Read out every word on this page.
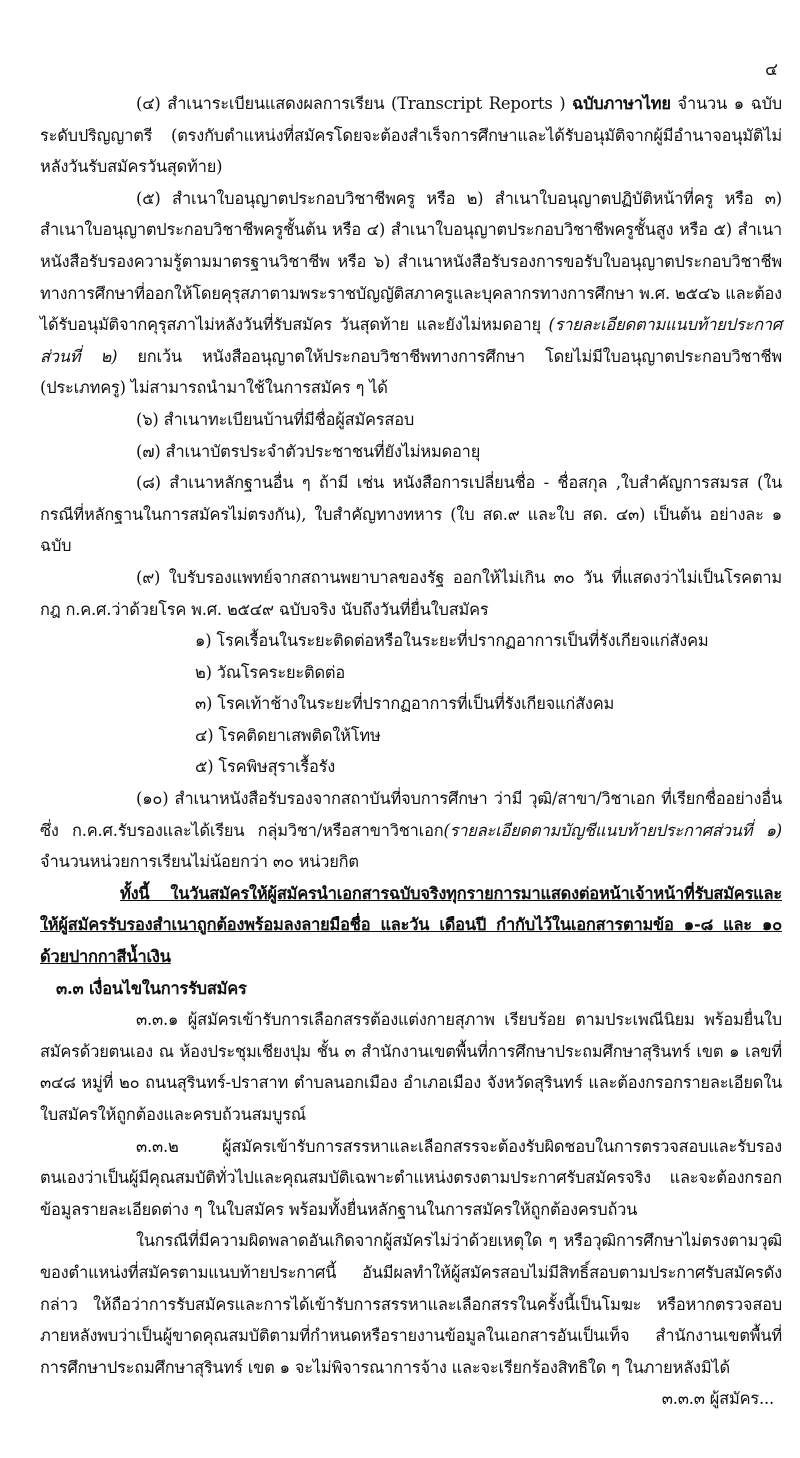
๔

(๔) สำเนาระเบียนแสดงผลการเรียน (Transcript Reports ) ฉบับภาษาไทย จำนวน ๑ ฉบับ ระดับปริญญาตรี (ตรงกับตำแหน่งที่สมัครโดยจะต้องสำเร็จการศึกษาและได้รับอนุมัติจากผู้มีอำนาจอนุมัติไม่หลังวันรับสมัครวันสุดท้าย)

(๕) สำเนาใบอนุญาตประกอบวิชาชีพครู หรือ ๒) สำเนาใบอนุญาตปฏิบัติหน้าที่ครู หรือ ๓) สำเนาใบอนุญาตประกอบวิชาชีพครูชั้นต้น หรือ ๔) สำเนาใบอนุญาตประกอบวิชาชีพครูชั้นสูง หรือ ๕) สำเนาหนังสือรับรองความรู้ตามมาตรฐานวิชาชีพ หรือ ๖) สำเนาหนังสือรับรองการขอรับใบอนุญาตประกอบวิชาชีพทางการศึกษาที่ออกให้โดยคุรุสภาตามพระราชบัญญัติสภาครูและบุคลากรทางการศึกษา พ.ศ. ๒๕๔๖ และต้องได้รับอนุมัติจากคุรุสภาไม่หลังวันที่รับสมัคร วันสุดท้าย และยังไม่หมดอายุ (รายละเอียดตามแนบท้ายประกาศส่วนที่ ๒) ยกเว้น หนังสืออนุญาตให้ประกอบวิชาชีพทางการศึกษา โดยไม่มีใบอนุญาตประกอบวิชาชีพ (ประเภทครู) ไม่สามารถนำมาใช้ในการสมัคร ๆ ได้

(๖) สำเนาทะเบียนบ้านที่มีชื่อผู้สมัครสอบ

(๗) สำเนาบัตรประจำตัวประชาชนที่ยังไม่หมดอายุ

(๘) สำเนาหลักฐานอื่น ๆ ถ้ามี เช่น หนังสือการเปลี่ยนชื่อ - ชื่อสกุล ,ใบสำคัญการสมรส (ในกรณีที่หลักฐานในการสมัครไม่ตรงกัน), ใบสำคัญทางทหาร (ใบ สด.๙ และใบ สด. ๔๓) เป็นต้น อย่างละ ๑ ฉบับ

(๙) ใบรับรองแพทย์จากสถานพยาบาลของรัฐ ออกให้ไม่เกิน ๓๐ วัน ที่แสดงว่าไม่เป็นโรคตามกฎ ก.ค.ศ.ว่าด้วยโรค พ.ศ. ๒๕๔๙ ฉบับจริง นับถึงวันที่ยื่นใบสมัคร

๑) โรคเรื้อนในระยะติดต่อหรือในระยะที่ปรากฏอาการเป็นที่รังเกียจแก่สังคม

๒) วัณโรคระยะติดต่อ

๓) โรคเท้าช้างในระยะที่ปรากฏอาการที่เป็นที่รังเกียจแก่สังคม

๔) โรคติดยาเสพติดให้โทษ

๕) โรคพิษสุราเรื้อรัง

(๑๐) สำเนาหนังสือรับรองจากสถาบันที่จบการศึกษา ว่ามี วุฒิ/สาขา/วิชาเอก ที่เรียกชื่ออย่างอื่นซึ่ง ก.ค.ศ.รับรองและได้เรียน กลุ่มวิชา/หรือสาขาวิชาเอก(รายละเอียดตามบัญชีแนบท้ายประกาศส่วนที่ ๑) จำนวนหน่วยการเรียนไม่น้อยกว่า ๓๐ หน่วยกิต

ทั้งนี้ ในวันสมัครให้ผู้สมัครนำเอกสารฉบับจริงทุกรายการมาแสดงต่อหน้าเจ้าหน้าที่รับสมัครและให้ผู้สมัครรับรองสำเนาถูกต้องพร้อมลงลายมือชื่อ และวัน เดือนปี กำกับไว้ในเอกสารตามข้อ ๑-๘ และ ๑๐ ด้วยปากกาสีน้ำเงิน

๓.๓ เงื่อนไขในการรับสมัคร

๓.๓.๑ ผู้สมัครเข้ารับการเลือกสรรต้องแต่งกายสุภาพ เรียบร้อย ตามประเพณีนิยม พร้อมยื่นใบสมัครด้วยตนเอง ณ ห้องประชุมเชียงปุม ชั้น ๓ สำนักงานเขตพื้นที่การศึกษาประถมศึกษาสุรินทร์ เขต ๑ เลขที่ ๓๔๘ หมู่ที่ ๒๐ ถนนสุรินทร์-ปราสาท ตำบลนอกเมือง อำเภอเมือง จังหวัดสุรินทร์ และต้องกรอกรายละเอียดในใบสมัครให้ถูกต้องและครบถ้วนสมบูรณ์

๓.๓.๒ ผู้สมัครเข้ารับการสรรหาและเลือกสรรจะต้องรับผิดชอบในการตรวจสอบและรับรองตนเองว่าเป็นผู้มีคุณสมบัติทั่วไปและคุณสมบัติเฉพาะตำแหน่งตรงตามประกาศรับสมัครจริง และจะต้องกรอกข้อมูลรายละเอียดต่าง ๆ ในใบสมัคร พร้อมทั้งยื่นหลักฐานในการสมัครให้ถูกต้องครบถ้วน

ในกรณีที่มีความผิดพลาดอันเกิดจากผู้สมัครไม่ว่าด้วยเหตุใด ๆ หรือวุฒิการศึกษาไม่ตรงตามวุฒิของตำแหน่งที่สมัครตามแนบท้ายประกาศนี้ อันมีผลทำให้ผู้สมัครสอบไม่มีสิทธิ์สอบตามประกาศรับสมัครดังกล่าว ให้ถือว่าการรับสมัครและการได้เข้ารับการสรรหาและเลือกสรรในครั้งนี้เป็นโมฆะ หรือหากตรวจสอบภายหลังพบว่าเป็นผู้ขาดคุณสมบัติตามที่กำหนดหรือรายงานข้อมูลในเอกสารอันเป็นเท็จ สำนักงานเขตพื้นที่การศึกษาประถมศึกษาสุรินทร์ เขต ๑ จะไม่พิจารณาการจ้าง และจะเรียกร้องสิทธิใด ๆ ในภายหลังมิได้

๓.๓.๓ ผู้สมัคร...
